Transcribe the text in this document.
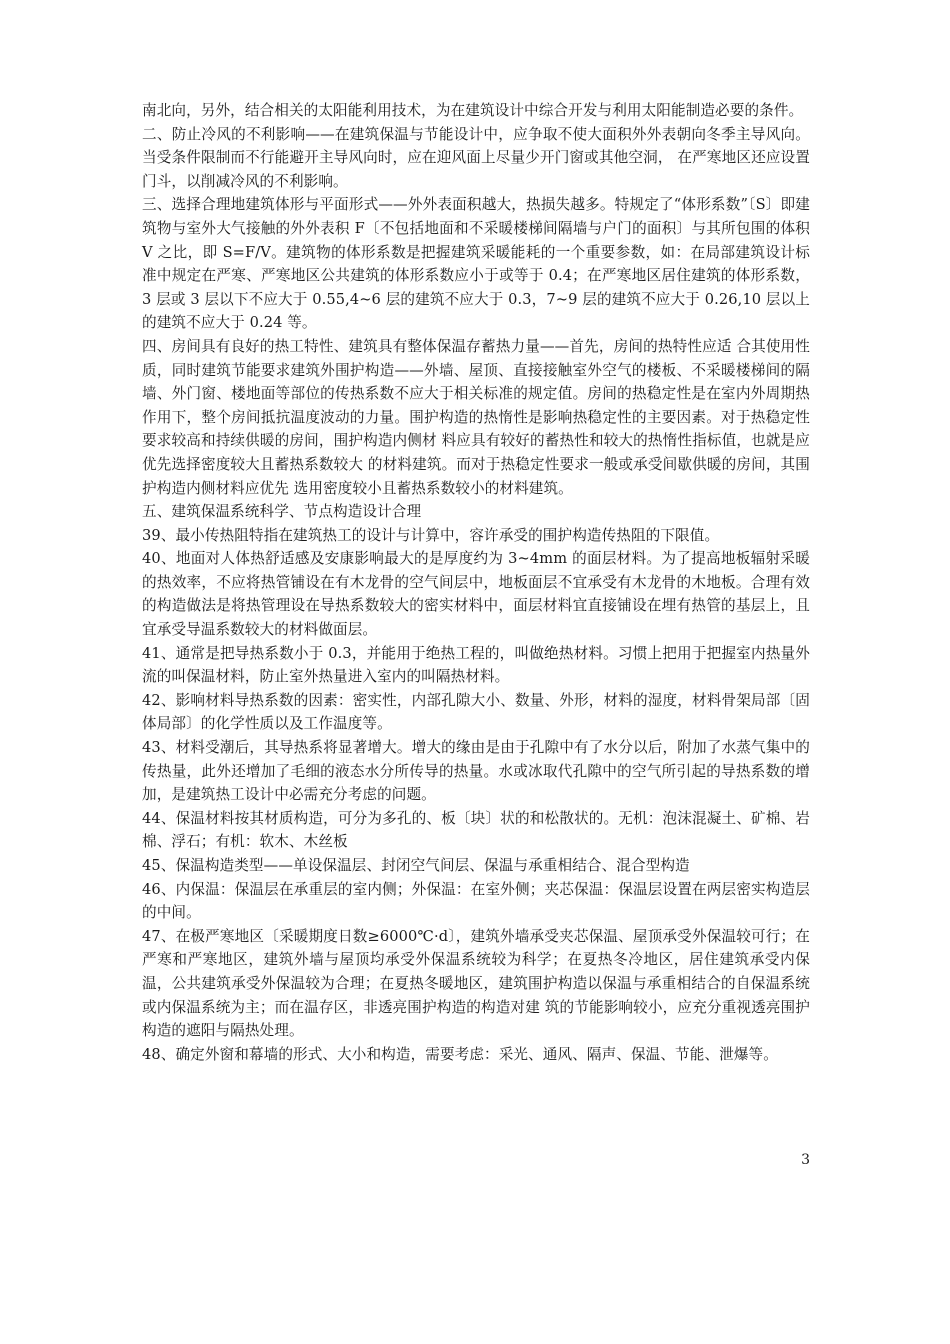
南北向，另外，结合相关的太阳能利用技术，为在建筑设计中综合开发与利用太阳能制造必要的条件。

二、防止冷风的不利影响——在建筑保温与节能设计中，应争取不使大面积外外表朝向冬季主导风向。当受条件限制而不行能避开主导风向时，应在迎风面上尽量少开门窗或其他空洞， 在严寒地区还应设置门斗，以削减冷风的不利影响。

三、选择合理地建筑体形与平面形式——外外表面积越大，热损失越多。特规定了“体形系数”〔S〕即建筑物与室外大气接触的外外表积 F〔不包括地面和不采暖楼梯间隔墙与户门的面积〕与其所包围的体积 V 之比，即 S=F/V。建筑物的体形系数是把握建筑采暖能耗的一个重要参数，如：在局部建筑设计标准中规定在严寒、严寒地区公共建筑的体形系数应小于或等于 0.4；在严寒地区居住建筑的体形系数，3 层或 3 层以下不应大于 0.55,4~6 层的建筑不应大于 0.3，7~9 层的建筑不应大于 0.26,10 层以上的建筑不应大于 0.24 等。

四、房间具有良好的热工特性、建筑具有整体保温存蓄热力量——首先，房间的热特性应适 合其使用性质，同时建筑节能要求建筑外围护构造——外墙、屋顶、直接接触室外空气的楼板、不采暖楼梯间的隔墙、外门窗、楼地面等部位的传热系数不应大于相关标准的规定值。房间的热稳定性是在室内外周期热作用下，整个房间抵抗温度波动的力量。围护构造的热惰性是影响热稳定性的主要因素。对于热稳定性要求较高和持续供暖的房间，围护构造内侧材 料应具有较好的蓄热性和较大的热惰性指标值，也就是应优先选择密度较大且蓄热系数较大 的材料建筑。而对于热稳定性要求一般或承受间歇供暖的房间，其围护构造内侧材料应优先 选用密度较小且蓄热系数较小的材料建筑。

五、建筑保温系统科学、节点构造设计合理

39、最小传热阻特指在建筑热工的设计与计算中，容许承受的围护构造传热阻的下限值。

40、地面对人体热舒适感及安康影响最大的是厚度约为 3~4mm 的面层材料。为了提高地板辐射采暖的热效率，不应将热管铺设在有木龙骨的空气间层中，地板面层不宜承受有木龙骨的木地板。合理有效的构造做法是将热管理设在导热系数较大的密实材料中，面层材料宜直接铺设在埋有热管的基层上，且宜承受导温系数较大的材料做面层。

41、通常是把导热系数小于 0.3，并能用于绝热工程的，叫做绝热材料。习惯上把用于把握室内热量外流的叫保温材料，防止室外热量进入室内的叫隔热材料。

42、影响材料导热系数的因素：密实性，内部孔隙大小、数量、外形，材料的湿度，材料骨架局部〔固体局部〕的化学性质以及工作温度等。

43、材料受潮后，其导热系将显著增大。增大的缘由是由于孔隙中有了水分以后，附加了水蒸气集中的传热量，此外还增加了毛细的液态水分所传导的热量。水或冰取代孔隙中的空气所引起的导热系数的增加，是建筑热工设计中必需充分考虑的问题。

44、保温材料按其材质构造，可分为多孔的、板〔块〕状的和松散状的。无机：泡沫混凝土、矿棉、岩棉、浮石；有机：软木、木丝板

45、保温构造类型——单设保温层、封闭空气间层、保温与承重相结合、混合型构造

46、内保温：保温层在承重层的室内侧；外保温：在室外侧；夹芯保温：保温层设置在两层密实构造层的中间。

47、在极严寒地区〔采暖期度日数≥6000℃·d〕，建筑外墙承受夹芯保温、屋顶承受外保温较可行；在严寒和严寒地区，建筑外墙与屋顶均承受外保温系统较为科学；在夏热冬冷地区，居住建筑承受内保温，公共建筑承受外保温较为合理；在夏热冬暖地区，建筑围护构造以保温与承重相结合的自保温系统或内保温系统为主；而在温存区，非透亮围护构造的构造对建 筑的节能影响较小，应充分重视透亮围护构造的遮阳与隔热处理。

48、确定外窗和幕墙的形式、大小和构造，需要考虑：采光、通风、隔声、保温、节能、泄爆等。

3
